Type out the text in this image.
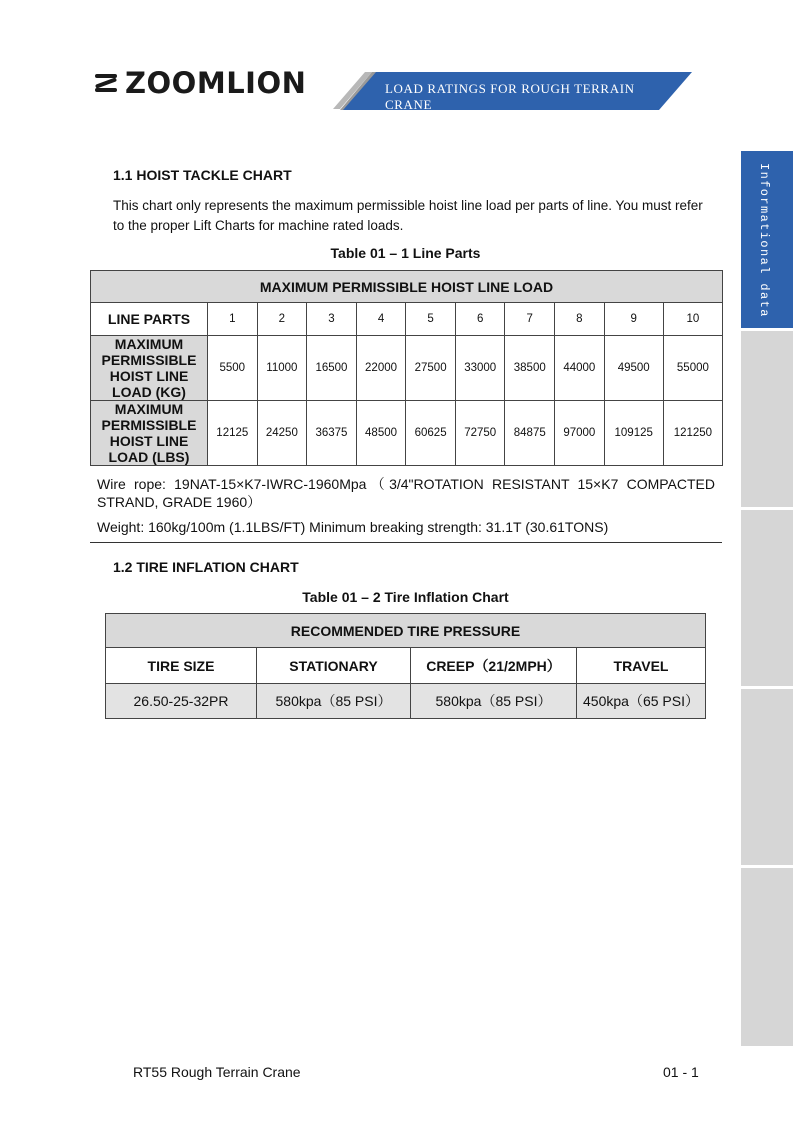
ZOOMLION	LOAD RATINGS FOR ROUGH TERRAIN CRANE
Informational data
1.1 HOIST TACKLE CHART
This chart only represents the maximum permissible hoist line load per parts of line. You must refer to the proper Lift Charts for machine rated loads.
Table 01 – 1 Line Parts
MAXIMUM PERMISSIBLE HOIST LINE LOAD										
LINE PARTS	1	2	3	4	5	6	7	8	9	10
MAXIMUM PERMISSIBLE HOIST LINE LOAD (KG)	5500	11000	16500	22000	27500	33000	38500	44000	49500	55000
MAXIMUM PERMISSIBLE HOIST LINE LOAD (LBS)	12125	24250	36375	48500	60625	72750	84875	97000	109125	121250
Wire rope: 19NAT-15×K7-IWRC-1960Mpa（3/4"ROTATION RESISTANT 15×K7 COMPACTED STRAND, GRADE 1960）
Weight: 160kg/100m (1.1LBS/FT) Minimum breaking strength: 31.1T (30.61TONS)
1.2 TIRE INFLATION CHART
Table 01 – 2 Tire Inflation Chart
RECOMMENDED TIRE PRESSURE			
TIRE SIZE	STATIONARY	CREEP（21/2MPH）	TRAVEL
26.50-25-32PR	580kpa（85 PSI）	580kpa（85 PSI）	450kpa（65 PSI）
RT55 Rough Terrain Crane	01 - 1
